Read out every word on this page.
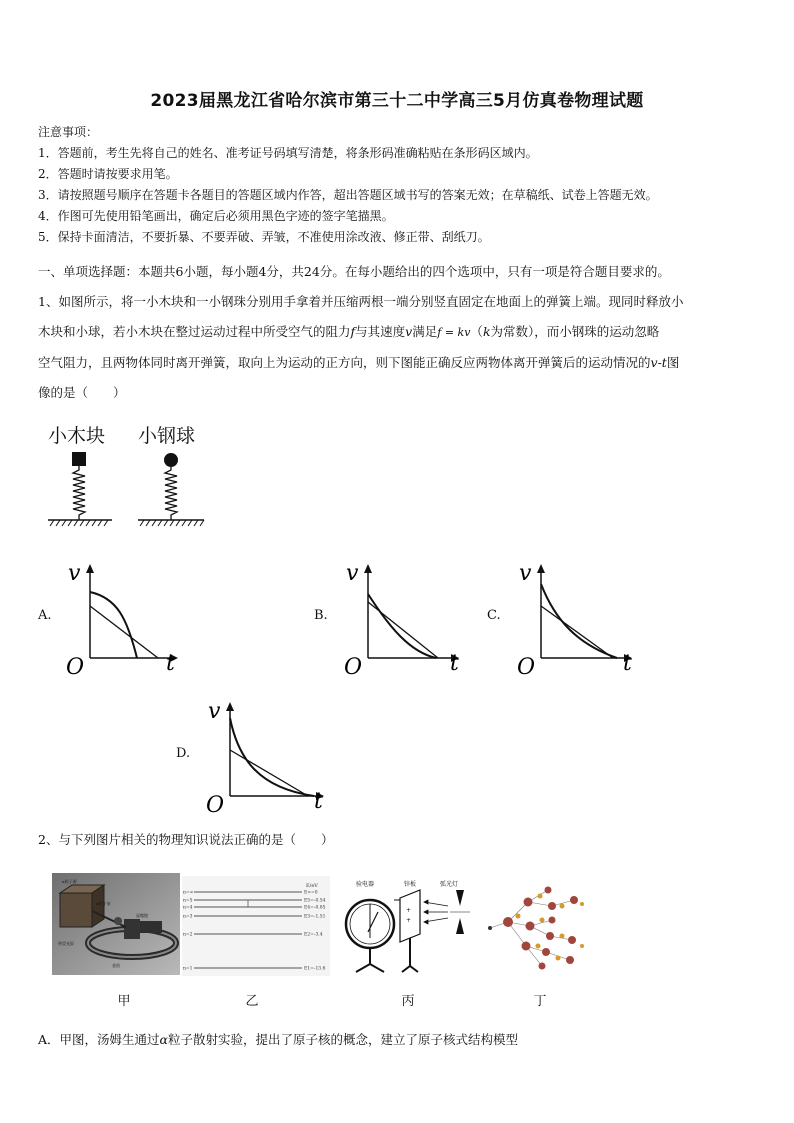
2023届黑龙江省哈尔滨市第三十二中学高三5月仿真卷物理试题
注意事项：
1．答题前，考生先将自己的姓名、准考证号码填写清楚，将条形码准确粘贴在条形码区域内。
2．答题时请按要求用笔。
3．请按照题号顺序在答题卡各题目的答题区域内作答，超出答题区域书写的答案无效；在草稿纸、试卷上答题无效。
4．作图可先使用铅笔画出，确定后必须用黑色字迹的签字笔描黑。
5．保持卡面清洁，不要折暴、不要弄破、弄皱，不准使用涂改液、修正带、刮纸刀。
一、单项选择题：本题共6小题，每小题4分，共24分。在每小题给出的四个选项中，只有一项是符合题目要求的。
1、如图所示，将一小木块和一小钢珠分别用手拿着并压缩两根一端分别竖直固定在地面上的弹簧上端。现同时释放小
木块和小球，若小木块在整过运动过程中所受空气的阻力f与其速度v满足f = kv（k为常数），而小钢珠的运动忽略
空气阻力，且两物体同时离开弹簧，取向上为运动的正方向，则下图能正确反应两物体离开弹簧后的运动情况的v-t图
像的是（　　）
小木块 小钢球
A.
v
t
O
B.
v
t
O
C.
v
t
O
D.
v
t
O
2、与下列图片相关的物理知识说法正确的是（　　）
α粒子源
α粒子束
显微镜
带荧光屏
金箔
E/eV
n=∞
n=5
n=4
n=3
n=2
n=1
E∞=0
E5=-0.54
E4=-0.85
E3=-1.51
E2=-3.4
E1=-13.6
验电器	锌板	弧光灯
+
+
甲	乙	丙	丁
A．甲图，汤姆生通过α粒子散射实验，提出了原子核的概念，建立了原子核式结构模型
